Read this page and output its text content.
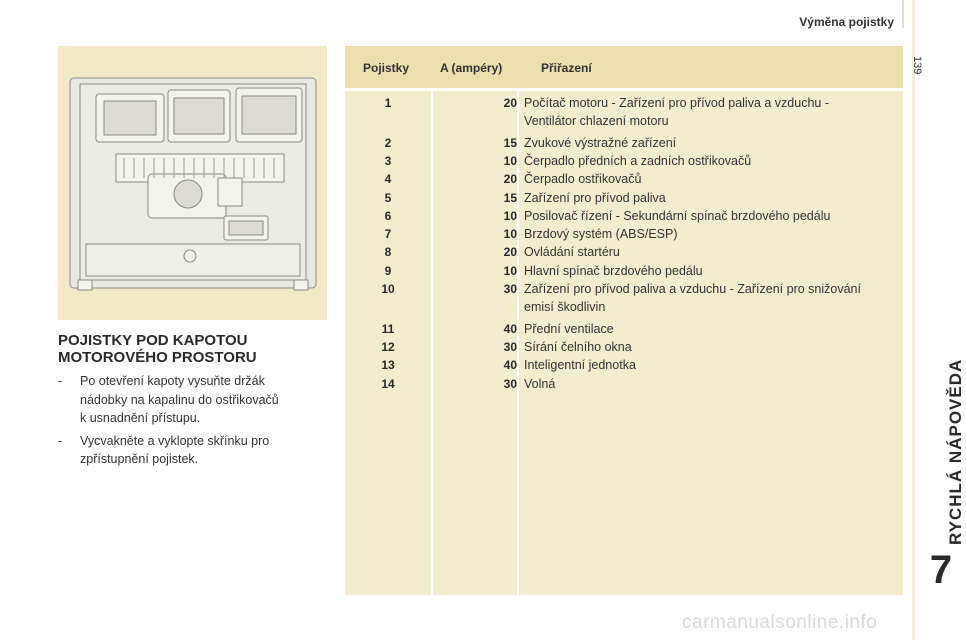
Výměna pojistky
139
RYCHLÁ NÁPOVĚDA
7
POJISTKY POD KAPOTOU
MOTOROVÉHO PROSTORU
- Po otevření kapoty vysuňte držák
nádobky na kapalinu do ostřikovačů
k usnadnění přístupu.
- Vycvakněte a vyklopte skřínku pro
zpřístupnění pojistek.
Pojistky	A (ampéry)	Přiřazení
1	20 Počítač motoru - Zařízení pro přívod paliva a vzduchu -
Ventilátor chlazení motoru
2	15 Zvukové výstražné zařízení
3	10 Čerpadlo předních a zadních ostřikovačů
4	20 Čerpadlo ostřikovačů
5	15 Zařízení pro přívod paliva
6	10 Posilovač řízení - Sekundární spínač brzdového pedálu
7	10 Brzdový systém (ABS/ESP)
8	20 Ovládání startéru
9	10 Hlavní spínač brzdového pedálu
10	30 Zařízení pro přívod paliva a vzduchu - Zařízení pro snižování
emisí škodlivin
11	40 Přední ventilace
12	30 Sírání čelního okna
13	40 Inteligentní jednotka
14	30 Volná
carmanualsonline.info
